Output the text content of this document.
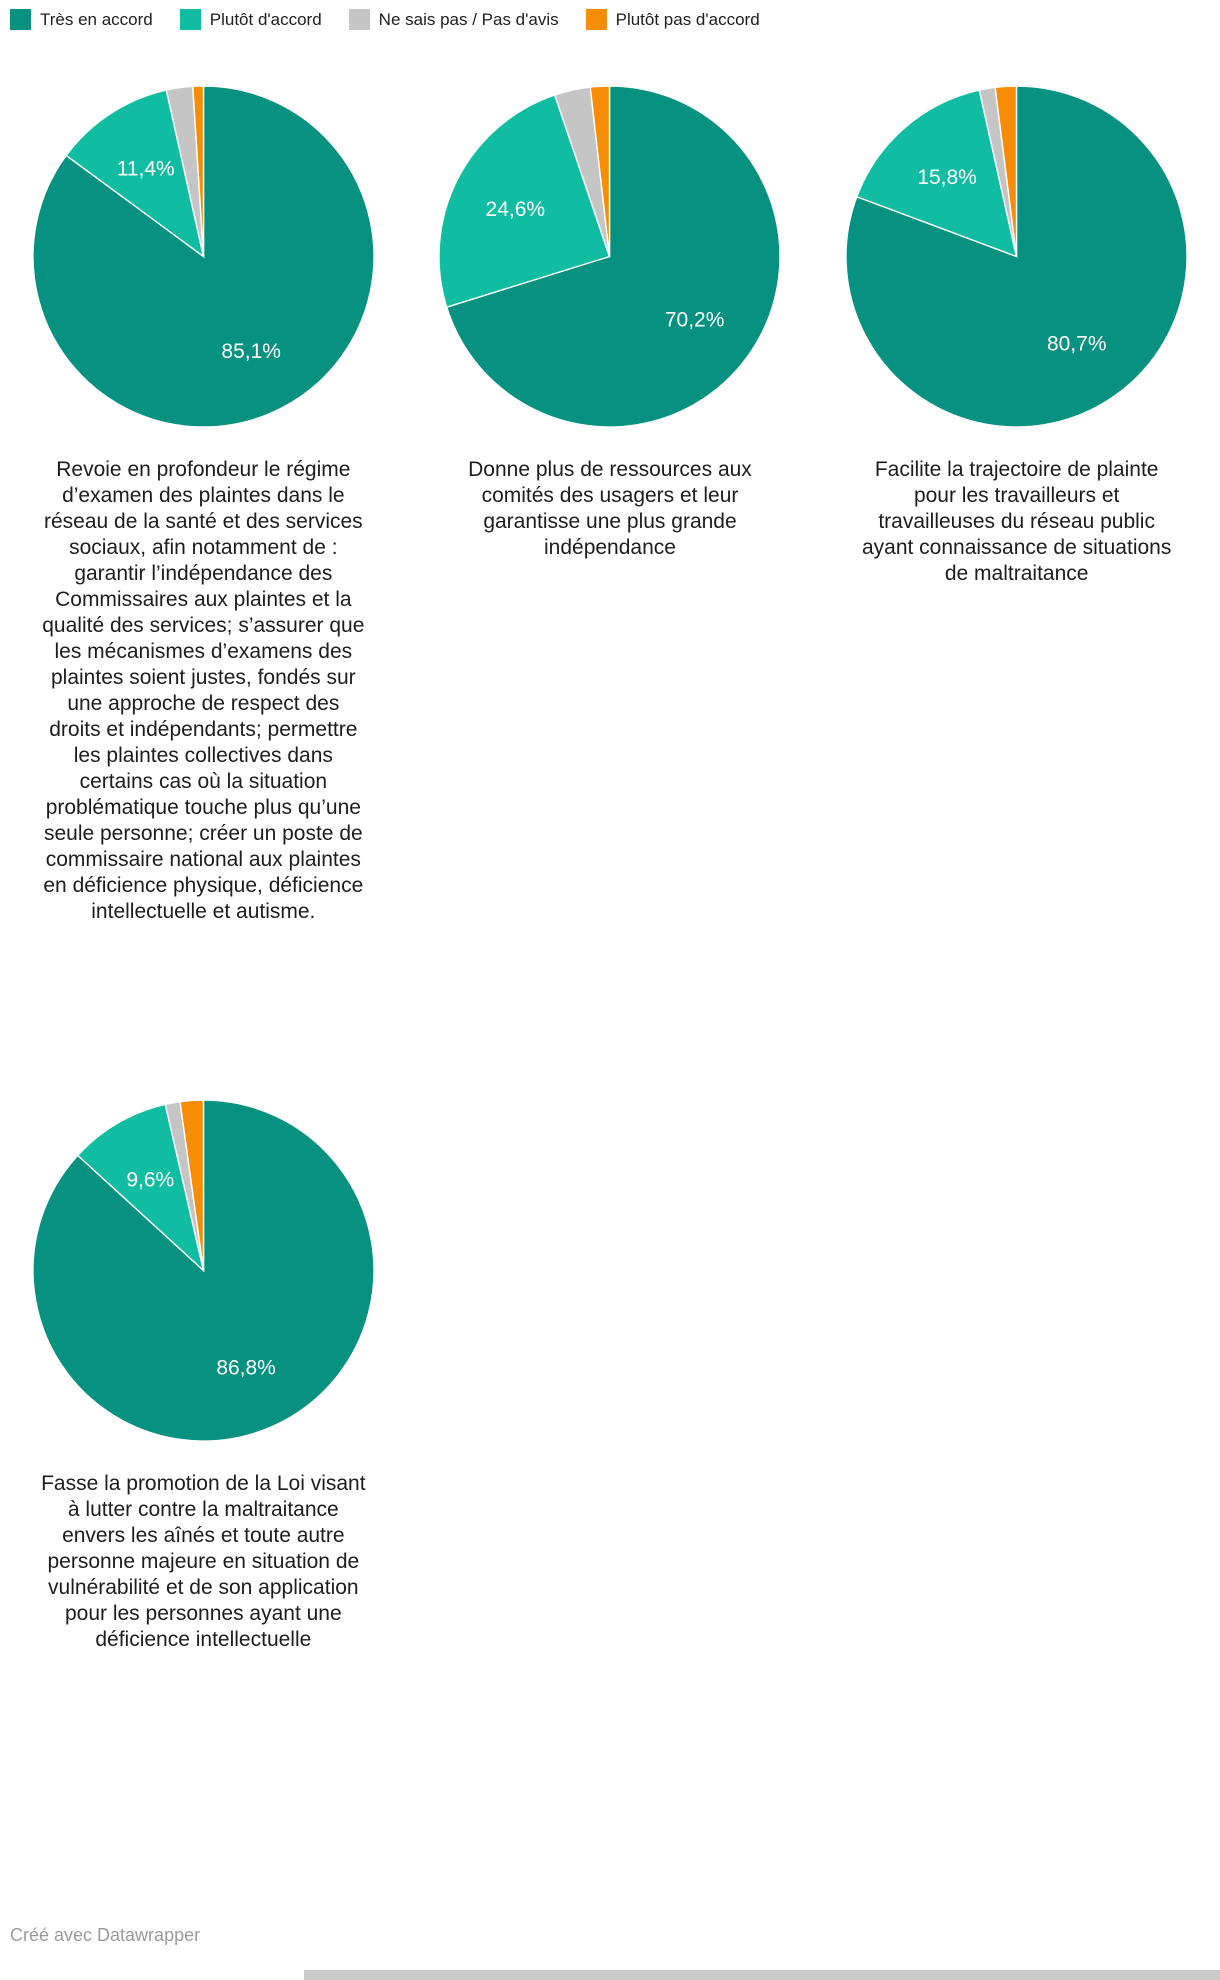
Très en accord	Plutôt d'accord	Ne sais pas / Pas d'avis	Plutôt pas d'accord
85,1%
11,4%
Revoie en profondeur le régime d’examen des plaintes dans le réseau de la santé et des services sociaux, afin notamment de : garantir l’indépendance des Commissaires aux plaintes et la qualité des services; s’assurer que les mécanismes d’examens des plaintes soient justes, fondés sur une approche de respect des droits et indépendants; permettre les plaintes collectives dans certains cas où la situation problématique touche plus qu’une seule personne; créer un poste de commissaire national aux plaintes en déficience physique, déficience intellectuelle et autisme.
70,2%
24,6%
Donne plus de ressources aux comités des usagers et leur garantisse une plus grande indépendance
80,7%
15,8%
Facilite la trajectoire de plainte pour les travailleurs et travailleuses du réseau public ayant connaissance de situations de maltraitance
86,8%
9,6%
Fasse la promotion de la Loi visant à lutter contre la maltraitance envers les aînés et toute autre personne majeure en situation de vulnérabilité et de son application pour les personnes ayant une déficience intellectuelle
Créé avec Datawrapper
